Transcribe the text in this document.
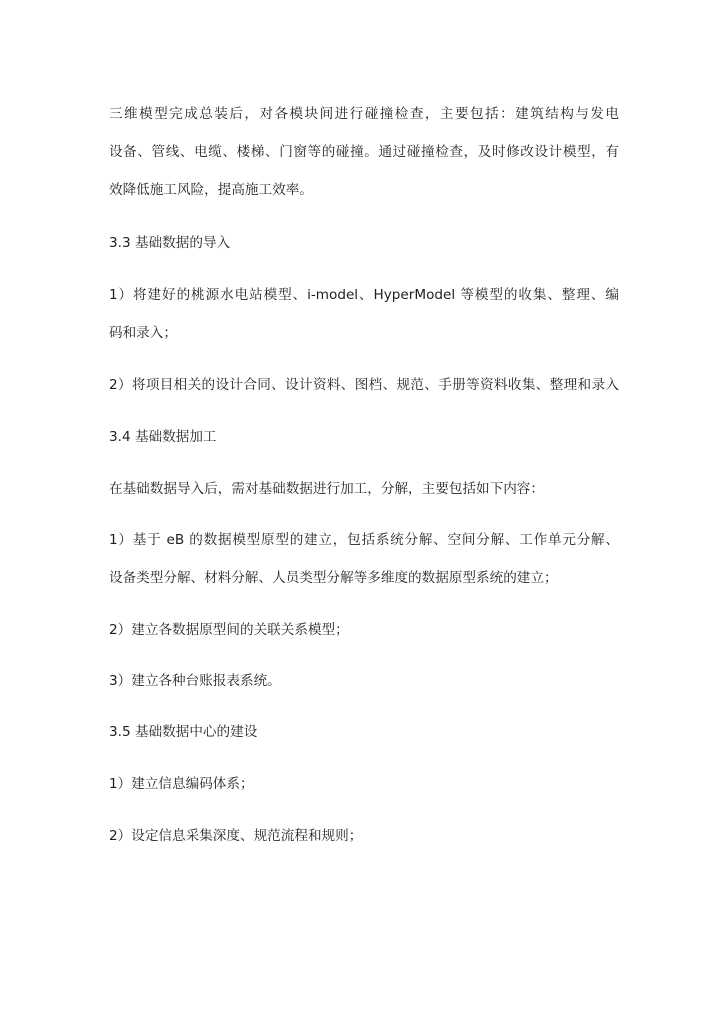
三维模型完成总装后，对各模块间进行碰撞检查，主要包括：建筑结构与发电
设备、管线、电缆、楼梯、门窗等的碰撞。通过碰撞检查，及时修改设计模型，有
效降低施工风险，提高施工效率。
3.3 基础数据的导入
1）将建好的桃源水电站模型、i-model、HyperModel 等模型的收集、整理、编
码和录入；
2）将项目相关的设计合同、设计资料、图档、规范、手册等资料收集、整理和录入
3.4 基础数据加工
在基础数据导入后，需对基础数据进行加工，分解，主要包括如下内容：
1）基于 eB 的数据模型原型的建立，包括系统分解、空间分解、工作单元分解、
设备类型分解、材料分解、人员类型分解等多维度的数据原型系统的建立；
2）建立各数据原型间的关联关系模型；
3）建立各种台账报表系统。
3.5 基础数据中心的建设
1）建立信息编码体系；
2）设定信息采集深度、规范流程和规则；
